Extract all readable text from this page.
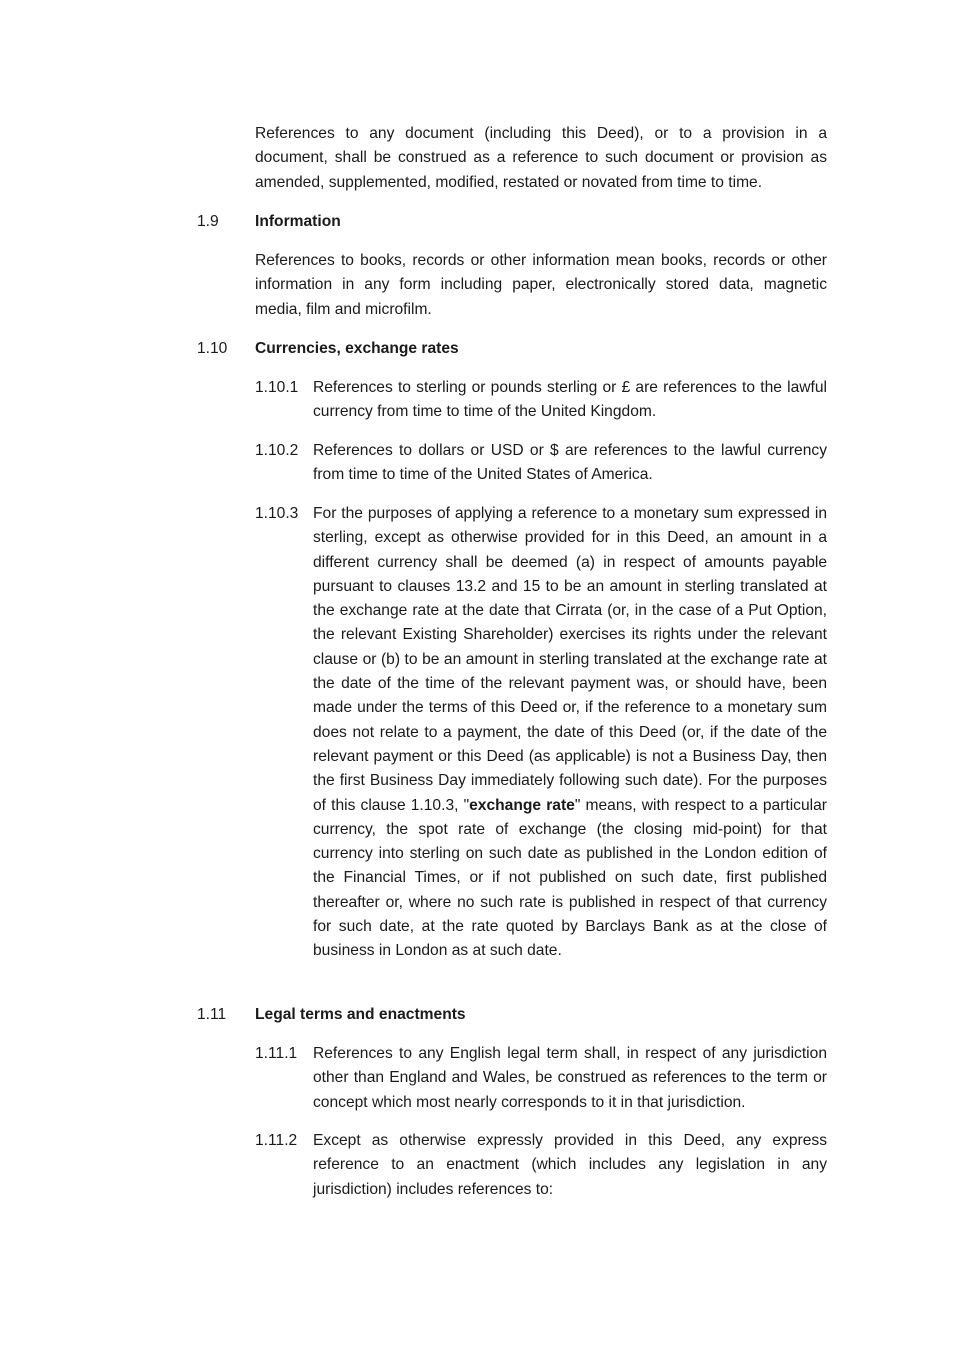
References to any document (including this Deed), or to a provision in a document, shall be construed as a reference to such document or provision as amended, supplemented, modified, restated or novated from time to time.

1.9 Information

References to books, records or other information mean books, records or other information in any form including paper, electronically stored data, magnetic media, film and microfilm.

1.10 Currencies, exchange rates

1.10.1 References to sterling or pounds sterling or £ are references to the lawful currency from time to time of the United Kingdom.

1.10.2 References to dollars or USD or $ are references to the lawful currency from time to time of the United States of America.

1.10.3 For the purposes of applying a reference to a monetary sum expressed in sterling, except as otherwise provided for in this Deed, an amount in a different currency shall be deemed (a) in respect of amounts payable pursuant to clauses 13.2 and 15 to be an amount in sterling translated at the exchange rate at the date that Cirrata (or, in the case of a Put Option, the relevant Existing Shareholder) exercises its rights under the relevant clause or (b) to be an amount in sterling translated at the exchange rate at the date of the time of the relevant payment was, or should have, been made under the terms of this Deed or, if the reference to a monetary sum does not relate to a payment, the date of this Deed (or, if the date of the relevant payment or this Deed (as applicable) is not a Business Day, then the first Business Day immediately following such date). For the purposes of this clause 1.10.3, "exchange rate" means, with respect to a particular currency, the spot rate of exchange (the closing mid-point) for that currency into sterling on such date as published in the London edition of the Financial Times, or if not published on such date, first published thereafter or, where no such rate is published in respect of that currency for such date, at the rate quoted by Barclays Bank as at the close of business in London as at such date.

1.11 Legal terms and enactments

1.11.1 References to any English legal term shall, in respect of any jurisdiction other than England and Wales, be construed as references to the term or concept which most nearly corresponds to it in that jurisdiction.

1.11.2 Except as otherwise expressly provided in this Deed, any express reference to an enactment (which includes any legislation in any jurisdiction) includes references to:
